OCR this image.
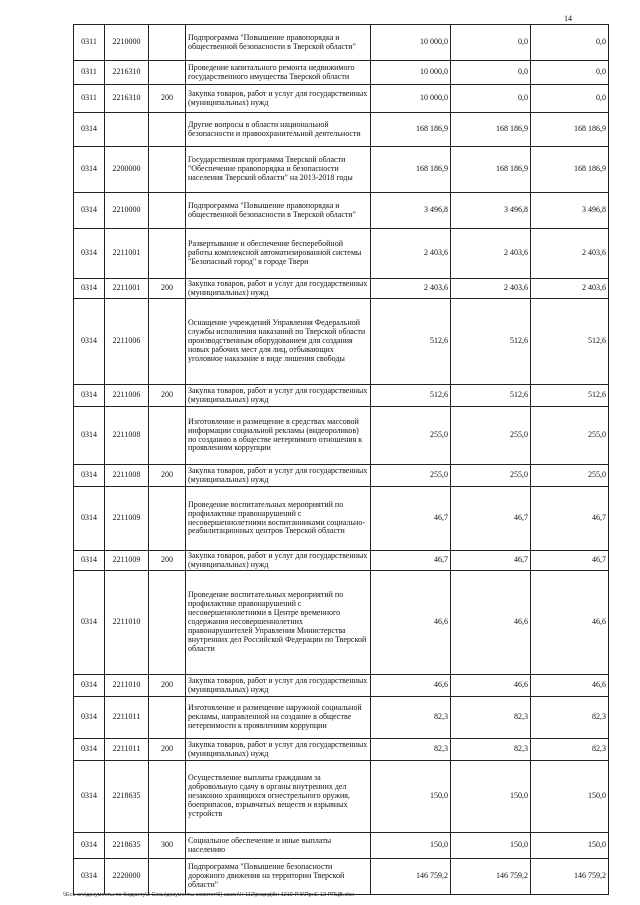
14
0311	2210000		Подпрограмма "Повышение правопорядка и общественной безопасности в Тверской области"	10 000,0	0,0	0,0
0311	2216310		Проведение капитального ремонта недвижимого государственного имущества Тверской области	10 000,0	0,0	0,0
0311	2216310	200	Закупка товаров, работ и услуг для государственных (муниципальных) нужд	10 000,0	0,0	0,0
0314			Другие вопросы в области национальной безопасности и правоохранительной деятельности	168 186,9	168 186,9	168 186,9
0314	2200000		Государственная программа Тверской области "Обеспечение правопорядка и безопасности населения Тверской области" на 2013-2018 годы	168 186,9	168 186,9	168 186,9
0314	2210000		Подпрограмма "Повышение правопорядка и общественной безопасности в Тверской области"	3 496,8	3 496,8	3 496,8
0314	2211001		Развертывание и обеспечение бесперебойной работы комплексной автоматизированной системы "Безопасный город" в городе Твери	2 403,6	2 403,6	2 403,6
0314	2211001	200	Закупка товаров, работ и услуг для государственных (муниципальных) нужд	2 403,6	2 403,6	2 403,6
0314	2211006		Оснащение учреждений Управления Федеральной службы исполнения наказаний по Тверской области производственным оборудованием для создания новых рабочих мест для лиц, отбывающих уголовное наказание в виде лишения свободы	512,6	512,6	512,6
0314	2211006	200	Закупка товаров, работ и услуг для государственных (муниципальных) нужд	512,6	512,6	512,6
0314	2211008		Изготовление и размещение в средствах массовой информации социальной рекламы (видеороликов) по созданию в обществе нетерпимого отношения к проявлениям коррупции	255,0	255,0	255,0
0314	2211008	200	Закупка товаров, работ и услуг для государственных (муниципальных) нужд	255,0	255,0	255,0
0314	2211009		Проведение воспитательных мероприятий по профилактике правонарушений с несовершеннолетними воспитанниками социально-реабилитационных центров Тверской области	46,7	46,7	46,7
0314	2211009	200	Закупка товаров, работ и услуг для государственных (муниципальных) нужд	46,7	46,7	46,7
0314	2211010		Проведение воспитательных мероприятий по профилактике правонарушений с несовершеннолетними в Центре временного содержания несовершеннолетних правонарушителей Управления Министерства внутренних дел Российской Федерации по Тверской области	46,6	46,6	46,6
0314	2211010	200	Закупка товаров, работ и услуг для государственных (муниципальных) нужд	46,6	46,6	46,6
0314	2211011		Изготовление и размещение наружной социальной рекламы, направленной на создание в обществе нетерпимости к проявлениям коррупции	82,3	82,3	82,3
0314	2211011	200	Закупка товаров, работ и услуг для государственных (муниципальных) нужд	82,3	82,3	82,3
0314	2218635		Осуществление выплаты гражданам за добровольную сдачу в органы внутренних дел незаконно хранящихся огнестрельного оружия, боеприпасов, взрывчатых веществ и взрывных устройств	150,0	150,0	150,0
0314	2218635	300	Социальное обеспечение и иные выплаты населению	150,0	150,0	150,0
0314	2220000		Подпрограмма "Повышение безопасности дорожного движения на территории Тверской области"	146 759,2	146 759,2	146 759,2
\\Eco-srv\документы по бюджету\3 Сезы\документы комитет\б) закон\Н 112\ргаргд\5н 1210-П 5\ПрнЕ 12 РПЦВ.xlsx
